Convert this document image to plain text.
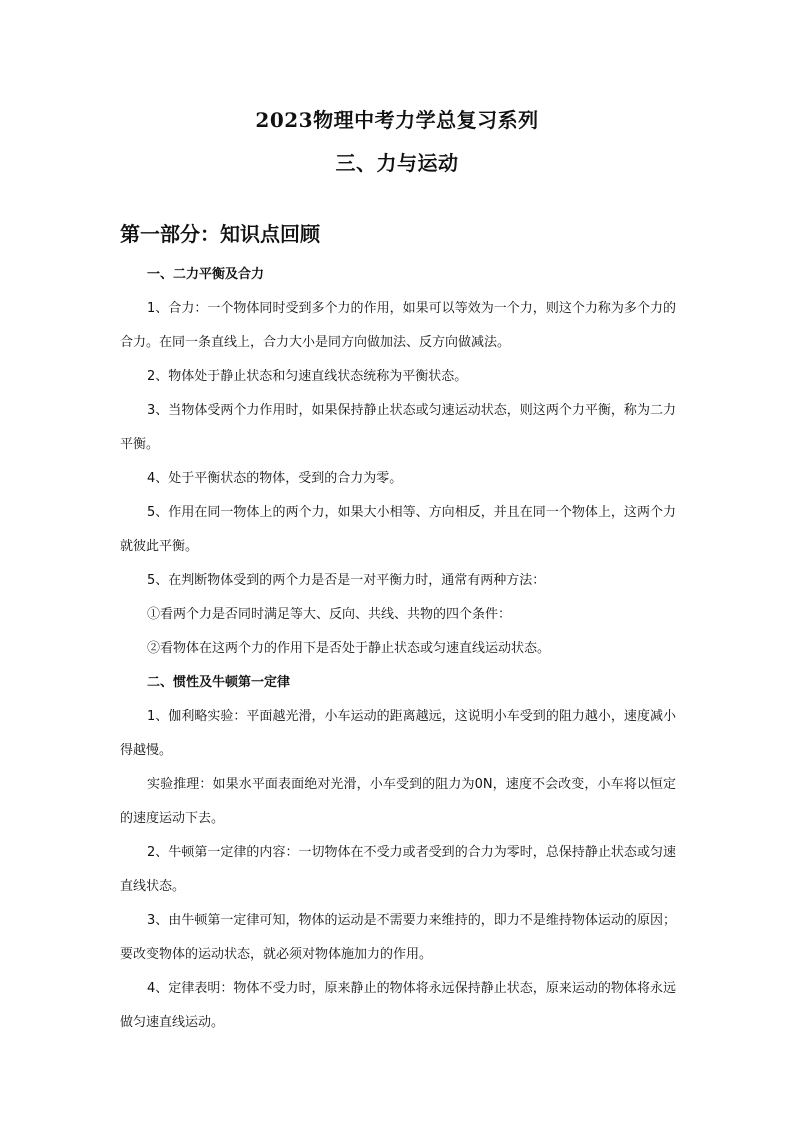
2023物理中考力学总复习系列
三、力与运动
第一部分：知识点回顾

一、二力平衡及合力

1、合力：一个物体同时受到多个力的作用，如果可以等效为一个力，则这个力称为多个力的合力。在同一条直线上，合力大小是同方向做加法、反方向做减法。

2、物体处于静止状态和匀速直线状态统称为平衡状态。

3、当物体受两个力作用时，如果保持静止状态或匀速运动状态，则这两个力平衡，称为二力平衡。

4、处于平衡状态的物体，受到的合力为零。

5、作用在同一物体上的两个力，如果大小相等、方向相反，并且在同一个物体上，这两个力就彼此平衡。

5、在判断物体受到的两个力是否是一对平衡力时，通常有两种方法：

①看两个力是否同时满足等大、反向、共线、共物的四个条件：

②看物体在这两个力的作用下是否处于静止状态或匀速直线运动状态。

二、惯性及牛顿第一定律

1、伽利略实验：平面越光滑，小车运动的距离越远，这说明小车受到的阻力越小，速度减小得越慢。

实验推理：如果水平面表面绝对光滑，小车受到的阻力为0N，速度不会改变，小车将以恒定的速度运动下去。

2、牛顿第一定律的内容：一切物体在不受力或者受到的合力为零时，总保持静止状态或匀速直线状态。

3、由牛顿第一定律可知，物体的运动是不需要力来维持的，即力不是维持物体运动的原因；要改变物体的运动状态，就必须对物体施加力的作用。

4、定律表明：物体不受力时，原来静止的物体将永远保持静止状态，原来运动的物体将永远做匀速直线运动。
